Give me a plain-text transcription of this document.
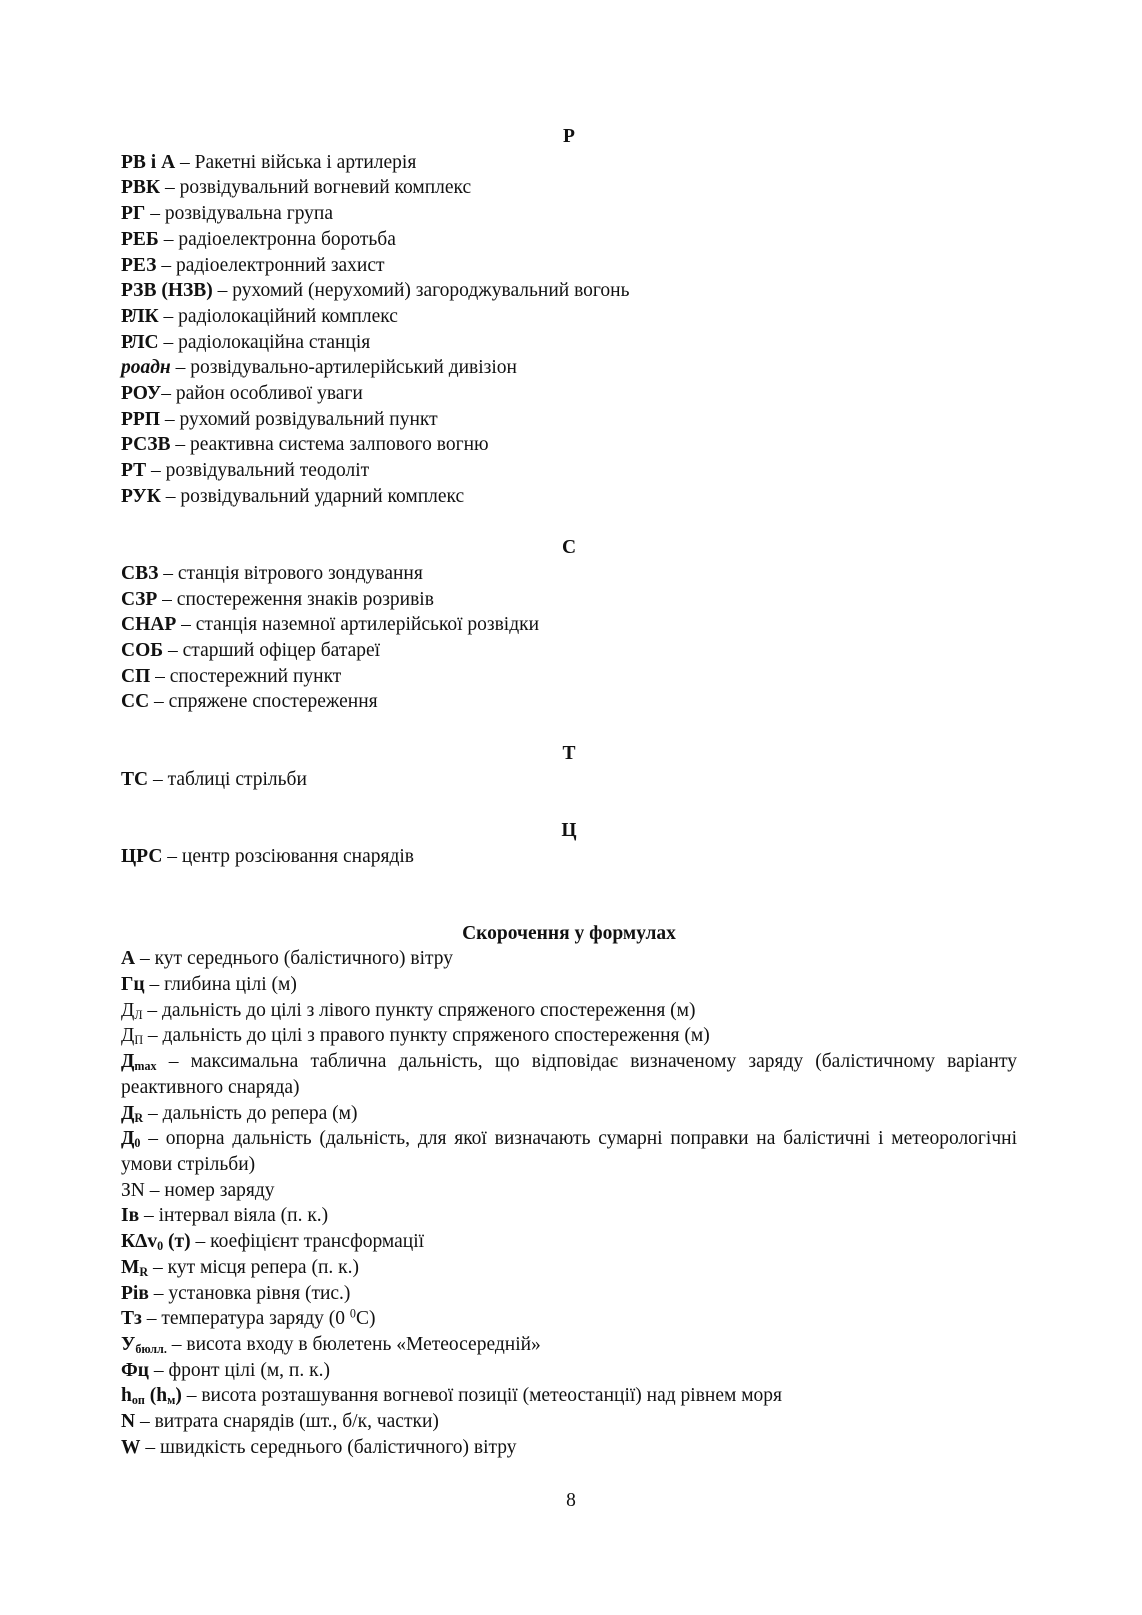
Р
РВ і А – Ракетні війська і артилерія
РВК – розвідувальний вогневий комплекс
РГ – розвідувальна група
РЕБ – радіоелектронна боротьба
РЕЗ – радіоелектронний захист
РЗВ (НЗВ) – рухомий (нерухомий) загороджувальний вогонь
РЛК – радіолокаційний комплекс
РЛС – радіолокаційна станція
роадн – розвідувально-артилерійський дивізіон
РОУ– район особливої уваги
РРП – рухомий розвідувальний пункт
РСЗВ – реактивна система залпового вогню
РТ – розвідувальний теодоліт
РУК – розвідувальний ударний комплекс
С
СВЗ – станція вітрового зондування
СЗР – спостереження знаків розривів
СНАР – станція наземної артилерійської розвідки
СОБ – старший офіцер батареї
СП – спостережний пункт
СС – спряжене спостереження
Т
ТС – таблиці стрільби
Ц
ЦРС – центр розсіювання снарядів
Скорочення у формулах
А – кут середнього (балістичного) вітру
Гц – глибина цілі (м)
$Д_Л$ – дальність до цілі з лівого пункту спряженого спостереження (м)
$Д_П$ – дальність до цілі з правого пункту спряженого спостереження (м)
$Д_{max}$ – максимальна таблична дальність, що відповідає визначеному заряду (балістичному варіанту реактивного снаряда)
$Д_R$ – дальність до репера (м)
$Д_0$ – опорна дальність (дальність, для якої визначають сумарні поправки на балістичні і метеорологічні умови стрільби)
ЗN – номер заряду
Ів – інтервал віяла (п. к.)
КΔv$_0$ (т) – коефіцієнт трансформації
$М_R$ – кут місця репера (п. к.)
Рів – установка рівня (тис.)
Тз – температура заряду (0 $^0$С)
$У_{бюлл.}$ – висота входу в бюлетень «Метеосередній»
Фц – фронт цілі (м, п. к.)
$h_{оп}$ $(h_м)$ – висота розташування вогневої позиції (метеостанції) над рівнем моря
N – витрата снарядів (шт., б/к, частки)
W – швидкість середнього (балістичного) вітру
8
